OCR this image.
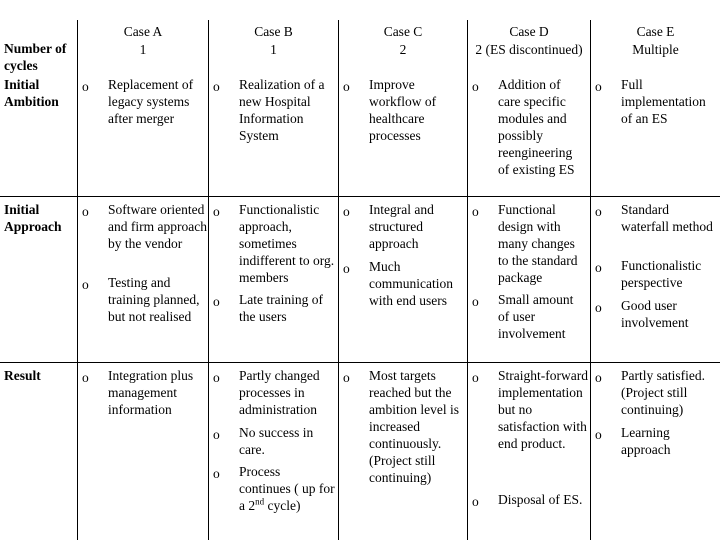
Number of cycles
Case A
1
Case B
1
Case C
2
Case D
2 (ES discontinued)
Case E
Multiple
Initial Ambition
o Replacement of legacy systems after merger
o Realization of a new Hospital Information System
o Improve workflow of healthcare processes
o Addition of care specific modules and possibly reengineering of existing ES
o Full implementation of an ES
Initial Approach
o Software oriented and firm approach by the vendor
o Testing and training planned, but not realised
o Functionalistic approach, sometimes indifferent to org. members
o Late training of the users
o Integral and structured approach
o Much communication with end users
o Functional design with many changes to the standard package
o Small amount of user involvement
o Standard waterfall method
o Functionalistic perspective
o Good user involvement
Result	o Integration plus management information
o Partly changed processes in administration
o No success in care.
o Process continues ( up for a 2nd cycle)
o Most targets reached but the ambition level is increased continuously. (Project still continuing)
o Straight-forward implementation but no satisfaction with end product.
o Disposal of ES.
o Partly satisfied. (Project still continuing)
o Learning approach
